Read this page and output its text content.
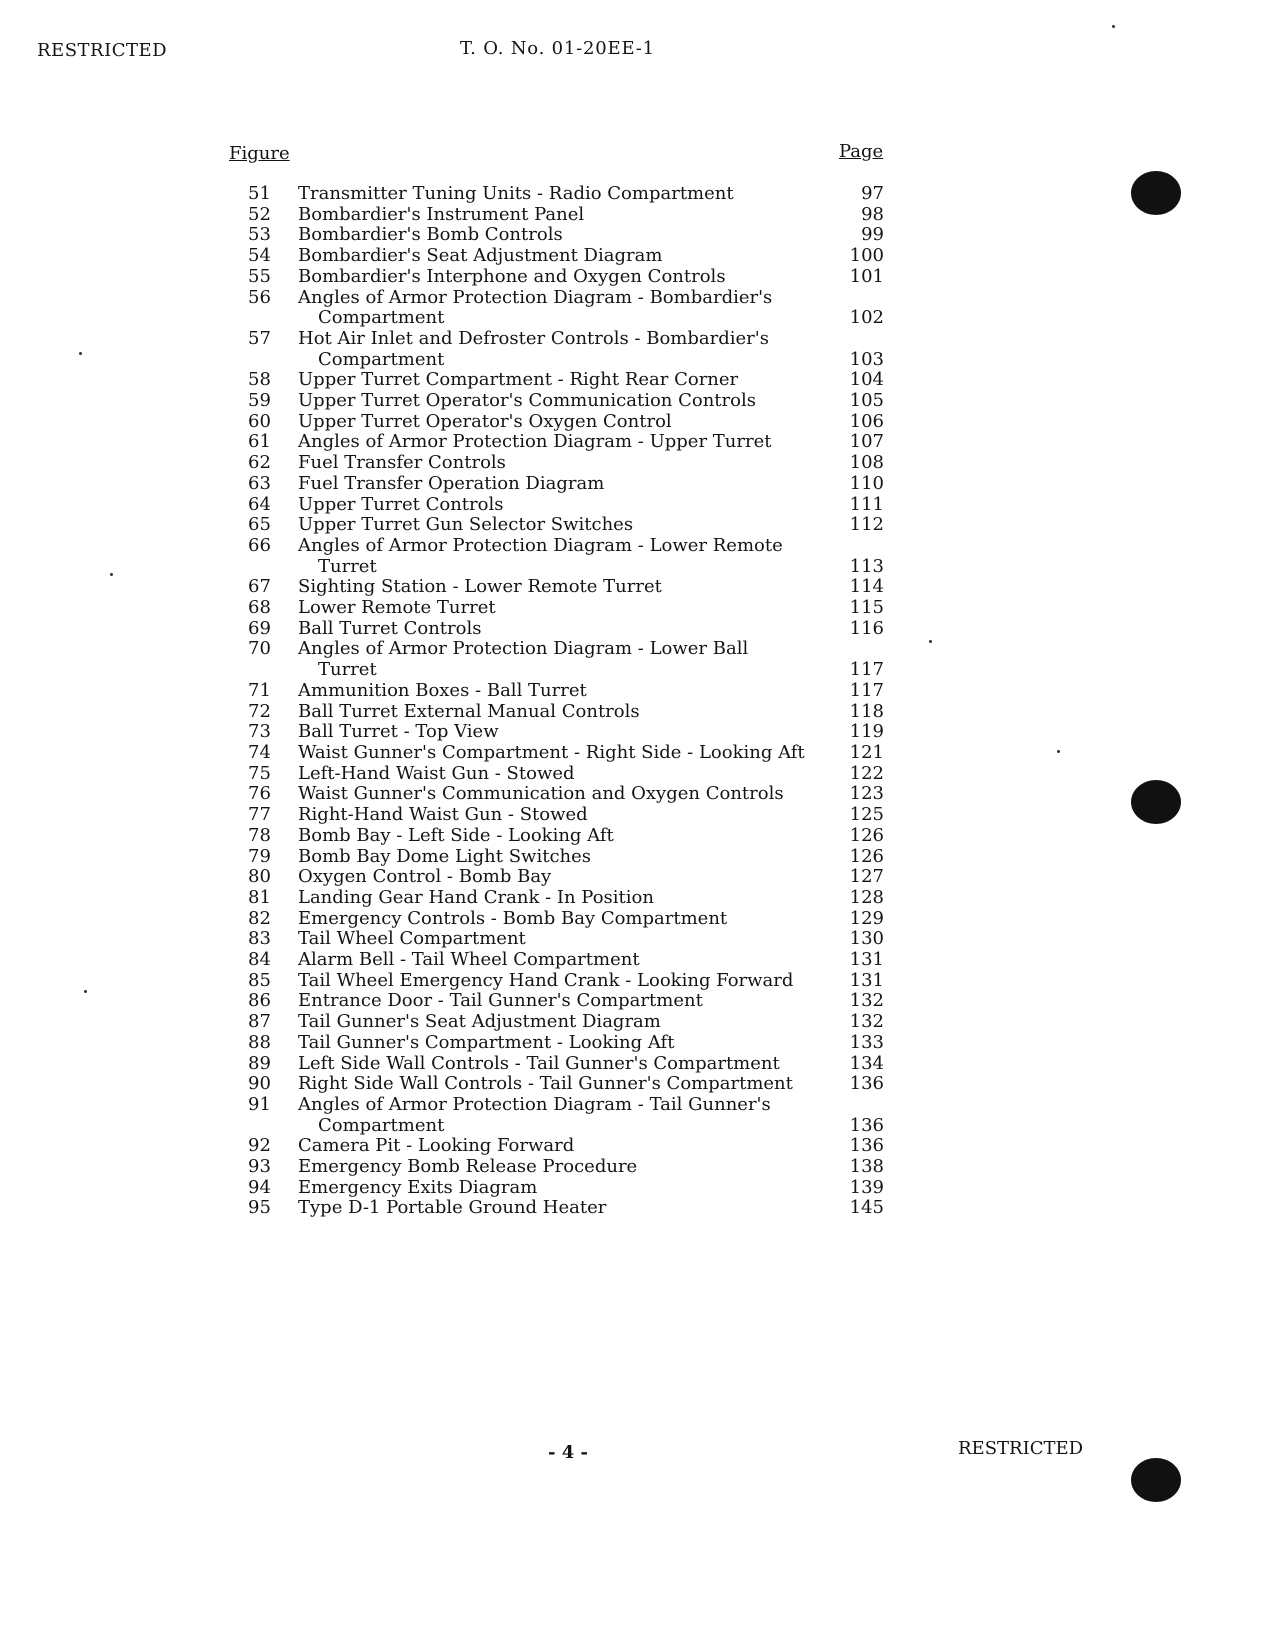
RESTRICTED	T. O. No. 01-20EE-1
Figure	Page
51	Transmitter Tuning Units - Radio Compartment	97
52	Bombardier's Instrument Panel	98
53	Bombardier's Bomb Controls	99
54	Bombardier's Seat Adjustment Diagram	100
55	Bombardier's Interphone and Oxygen Controls	101
56	Angles of Armor Protection Diagram - Bombardier's
Compartment	102
57	Hot Air Inlet and Defroster Controls - Bombardier's
Compartment	103
58	Upper Turret Compartment - Right Rear Corner	104
59	Upper Turret Operator's Communication Controls	105
60	Upper Turret Operator's Oxygen Control	106
61	Angles of Armor Protection Diagram - Upper Turret	107
62	Fuel Transfer Controls	108
63	Fuel Transfer Operation Diagram	110
64	Upper Turret Controls	111
65	Upper Turret Gun Selector Switches	112
66	Angles of Armor Protection Diagram - Lower Remote
Turret	113
67	Sighting Station - Lower Remote Turret	114
68	Lower Remote Turret	115
69	Ball Turret Controls	116
70	Angles of Armor Protection Diagram - Lower Ball
Turret	117
71	Ammunition Boxes - Ball Turret	117
72	Ball Turret External Manual Controls	118
73	Ball Turret - Top View	119
74	Waist Gunner's Compartment - Right Side - Looking Aft	121
75	Left-Hand Waist Gun - Stowed	122
76	Waist Gunner's Communication and Oxygen Controls	123
77	Right-Hand Waist Gun - Stowed	125
78	Bomb Bay - Left Side - Looking Aft	126
79	Bomb Bay Dome Light Switches	126
80	Oxygen Control - Bomb Bay	127
81	Landing Gear Hand Crank - In Position	128
82	Emergency Controls - Bomb Bay Compartment	129
83	Tail Wheel Compartment	130
84	Alarm Bell - Tail Wheel Compartment	131
85	Tail Wheel Emergency Hand Crank - Looking Forward	131
86	Entrance Door - Tail Gunner's Compartment	132
87	Tail Gunner's Seat Adjustment Diagram	132
88	Tail Gunner's Compartment - Looking Aft	133
89	Left Side Wall Controls - Tail Gunner's Compartment	134
90	Right Side Wall Controls - Tail Gunner's Compartment	136
91	Angles of Armor Protection Diagram - Tail Gunner's
Compartment	136
92	Camera Pit - Looking Forward	136
93	Emergency Bomb Release Procedure	138
94	Emergency Exits Diagram	139
95	Type D-1 Portable Ground Heater	145
- 4 -	RESTRICTED
